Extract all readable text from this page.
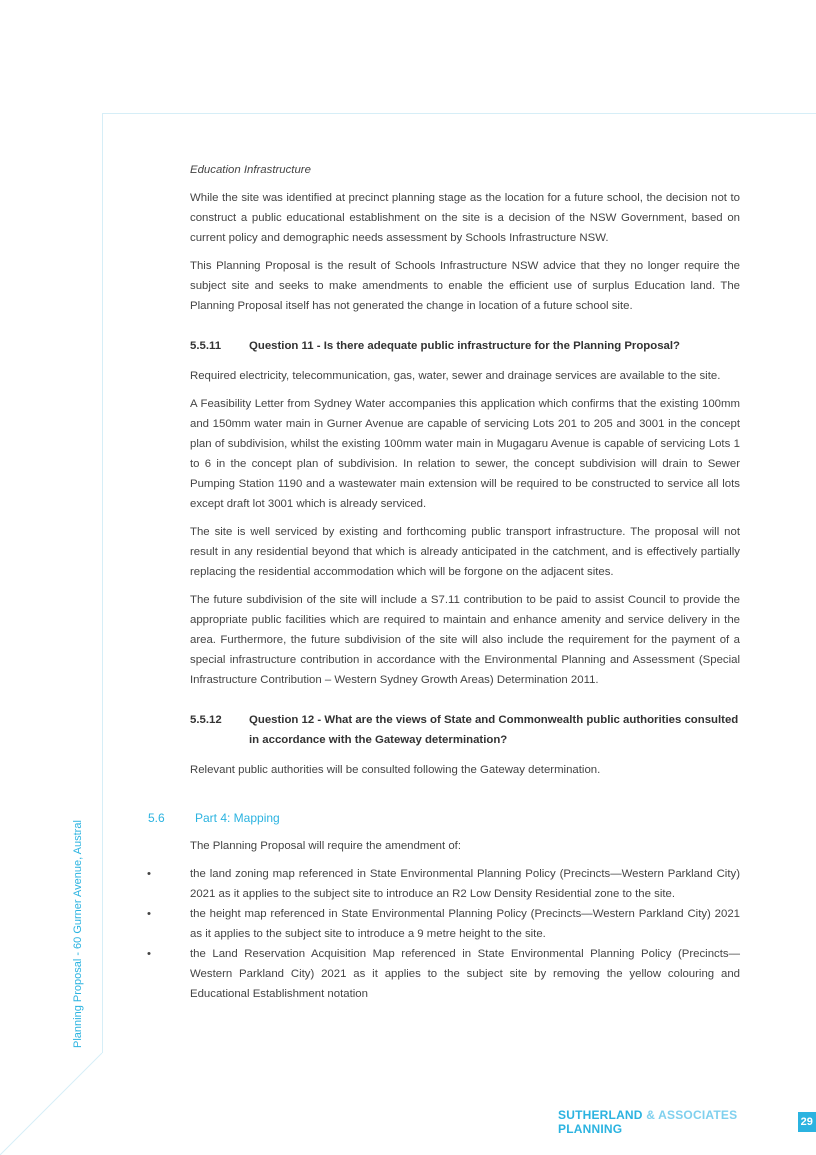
Planning Proposal - 60 Gurner Avenue, Austral

Education Infrastructure

While the site was identified at precinct planning stage as the location for a future school, the decision not to construct a public educational establishment on the site is a decision of the NSW Government, based on current policy and demographic needs assessment by Schools Infrastructure NSW.

This Planning Proposal is the result of Schools Infrastructure NSW advice that they no longer require the subject site and seeks to make amendments to enable the efficient use of surplus Education land. The Planning Proposal itself has not generated the change in location of a future school site.

5.5.11	Question 11 - Is there adequate public infrastructure for the Planning Proposal?

Required electricity, telecommunication, gas, water, sewer and drainage services are available to the site.

A Feasibility Letter from Sydney Water accompanies this application which confirms that the existing 100mm and 150mm water main in Gurner Avenue are capable of servicing Lots 201 to 205 and 3001 in the concept plan of subdivision, whilst the existing 100mm water main in Mugagaru Avenue is capable of servicing Lots 1 to 6 in the concept plan of subdivision. In relation to sewer, the concept subdivision will drain to Sewer Pumping Station 1190 and a wastewater main extension will be required to be constructed to service all lots except draft lot 3001 which is already serviced.

The site is well serviced by existing and forthcoming public transport infrastructure. The proposal will not result in any residential beyond that which is already anticipated in the catchment, and is effectively partially replacing the residential accommodation which will be forgone on the adjacent sites.

The future subdivision of the site will include a S7.11 contribution to be paid to assist Council to provide the appropriate public facilities which are required to maintain and enhance amenity and service delivery in the area. Furthermore, the future subdivision of the site will also include the requirement for the payment of a special infrastructure contribution in accordance with the Environmental Planning and Assessment (Special Infrastructure Contribution – Western Sydney Growth Areas) Determination 2011.

5.5.12	Question 12 - What are the views of State and Commonwealth public authorities consulted in accordance with the Gateway determination?

Relevant public authorities will be consulted following the Gateway determination.

5.6	Part 4: Mapping

The Planning Proposal will require the amendment of:

•	the land zoning map referenced in State Environmental Planning Policy (Precincts—Western Parkland City) 2021 as it applies to the subject site to introduce an R2 Low Density Residential zone to the site.
•	the height map referenced in State Environmental Planning Policy (Precincts—Western Parkland City) 2021 as it applies to the subject site to introduce a 9 metre height to the site.
•	the Land Reservation Acquisition Map referenced in State Environmental Planning Policy (Precincts—Western Parkland City) 2021 as it applies to the subject site by removing the yellow colouring and Educational Establishment notation
SUTHERLAND & ASSOCIATES PLANNING	29
